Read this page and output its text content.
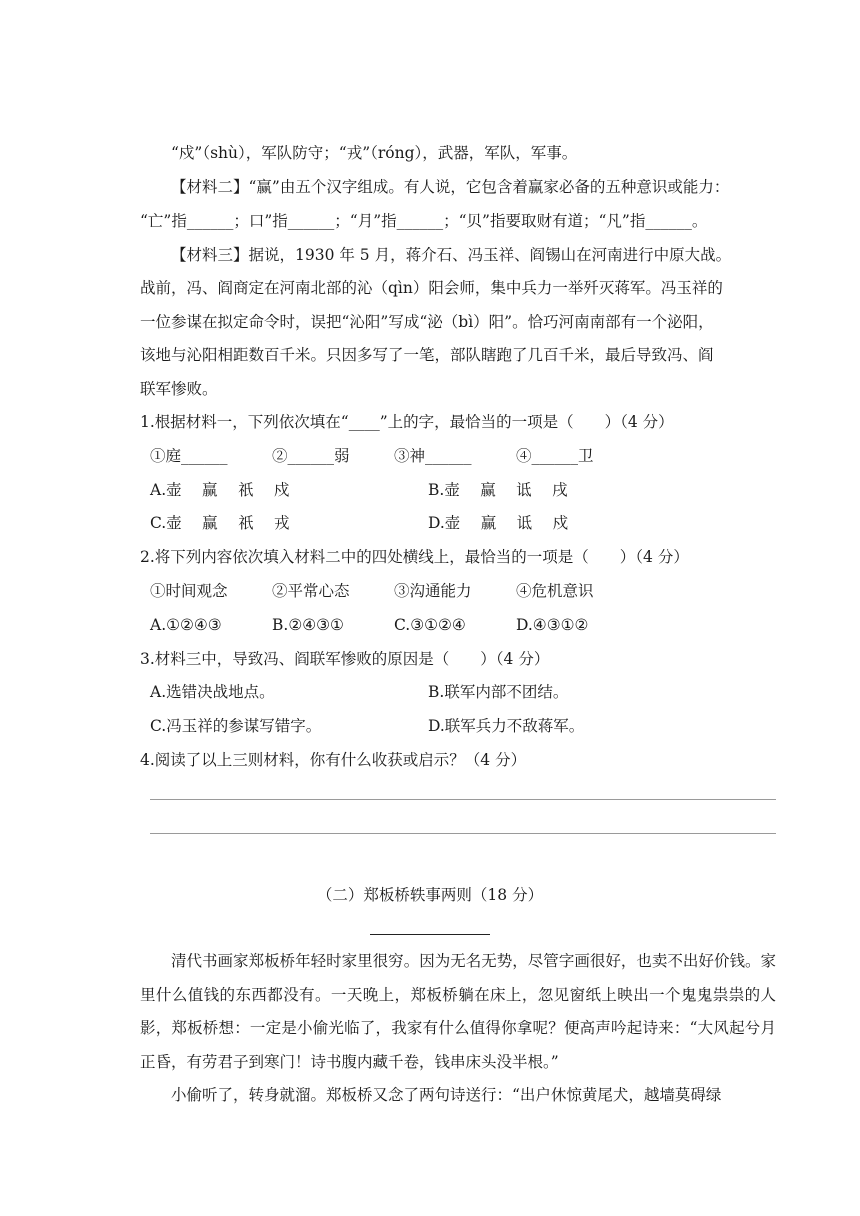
“戍”（shù），军队防守；“戎”（róng），武器，军队，军事。
【材料二】“赢”由五个汉字组成。有人说，它包含着赢家必备的五种意识或能力：
“亡”指______；口”指______；“月”指______；“贝”指要取财有道；“凡”指______。
【材料三】据说，1930 年 5 月，蒋介石、冯玉祥、阎锡山在河南进行中原大战。
战前，冯、阎商定在河南北部的沁（qìn）阳会师，集中兵力一举歼灭蒋军。冯玉祥的
一位参谋在拟定命令时，误把“沁阳”写成“泌（bì）阳”。恰巧河南南部有一个泌阳，
该地与沁阳相距数百千米。只因多写了一笔，部队瞎跑了几百千米，最后导致冯、阎
联军惨败。
1.根据材料一，下列依次填在“____”上的字，最恰当的一项是（　　）（4 分）
①庭______	②______弱	③神______	④______卫
A.壶　 赢　 祇　 戍	B.壶　 赢　 诋　 戌
C.壶　 赢　 祇　 戎	D.壶　 赢　 诋　 戍
2.将下列内容依次填入材料二中的四处横线上，最恰当的一项是（　　）（4 分）
①时间观念	②平常心态	③沟通能力	④危机意识
A.①②④③	B.②④③①	C.③①②④	D.④③①②
3.材料三中，导致冯、阎联军惨败的原因是（　　）（4 分）
A.选错决战地点。	B.联军内部不团结。
C.冯玉祥的参谋写错字。	D.联军兵力不敌蒋军。
4.阅读了以上三则材料，你有什么收获或启示？（4 分）
（二）郑板桥轶事两则（18 分）
清代书画家郑板桥年轻时家里很穷。因为无名无势，尽管字画很好，也卖不出好价钱。家里什么值钱的东西都没有。一天晚上，郑板桥躺在床上，忽见窗纸上映出一个鬼鬼祟祟的人影，郑板桥想：一定是小偷光临了，我家有什么值得你拿呢？便高声吟起诗来：“大风起兮月正昏，有劳君子到寒门！诗书腹内藏千卷，钱串床头没半根。”
小偷听了，转身就溜。郑板桥又念了两句诗送行：“出户休惊黄尾犬，越墙莫碍绿
